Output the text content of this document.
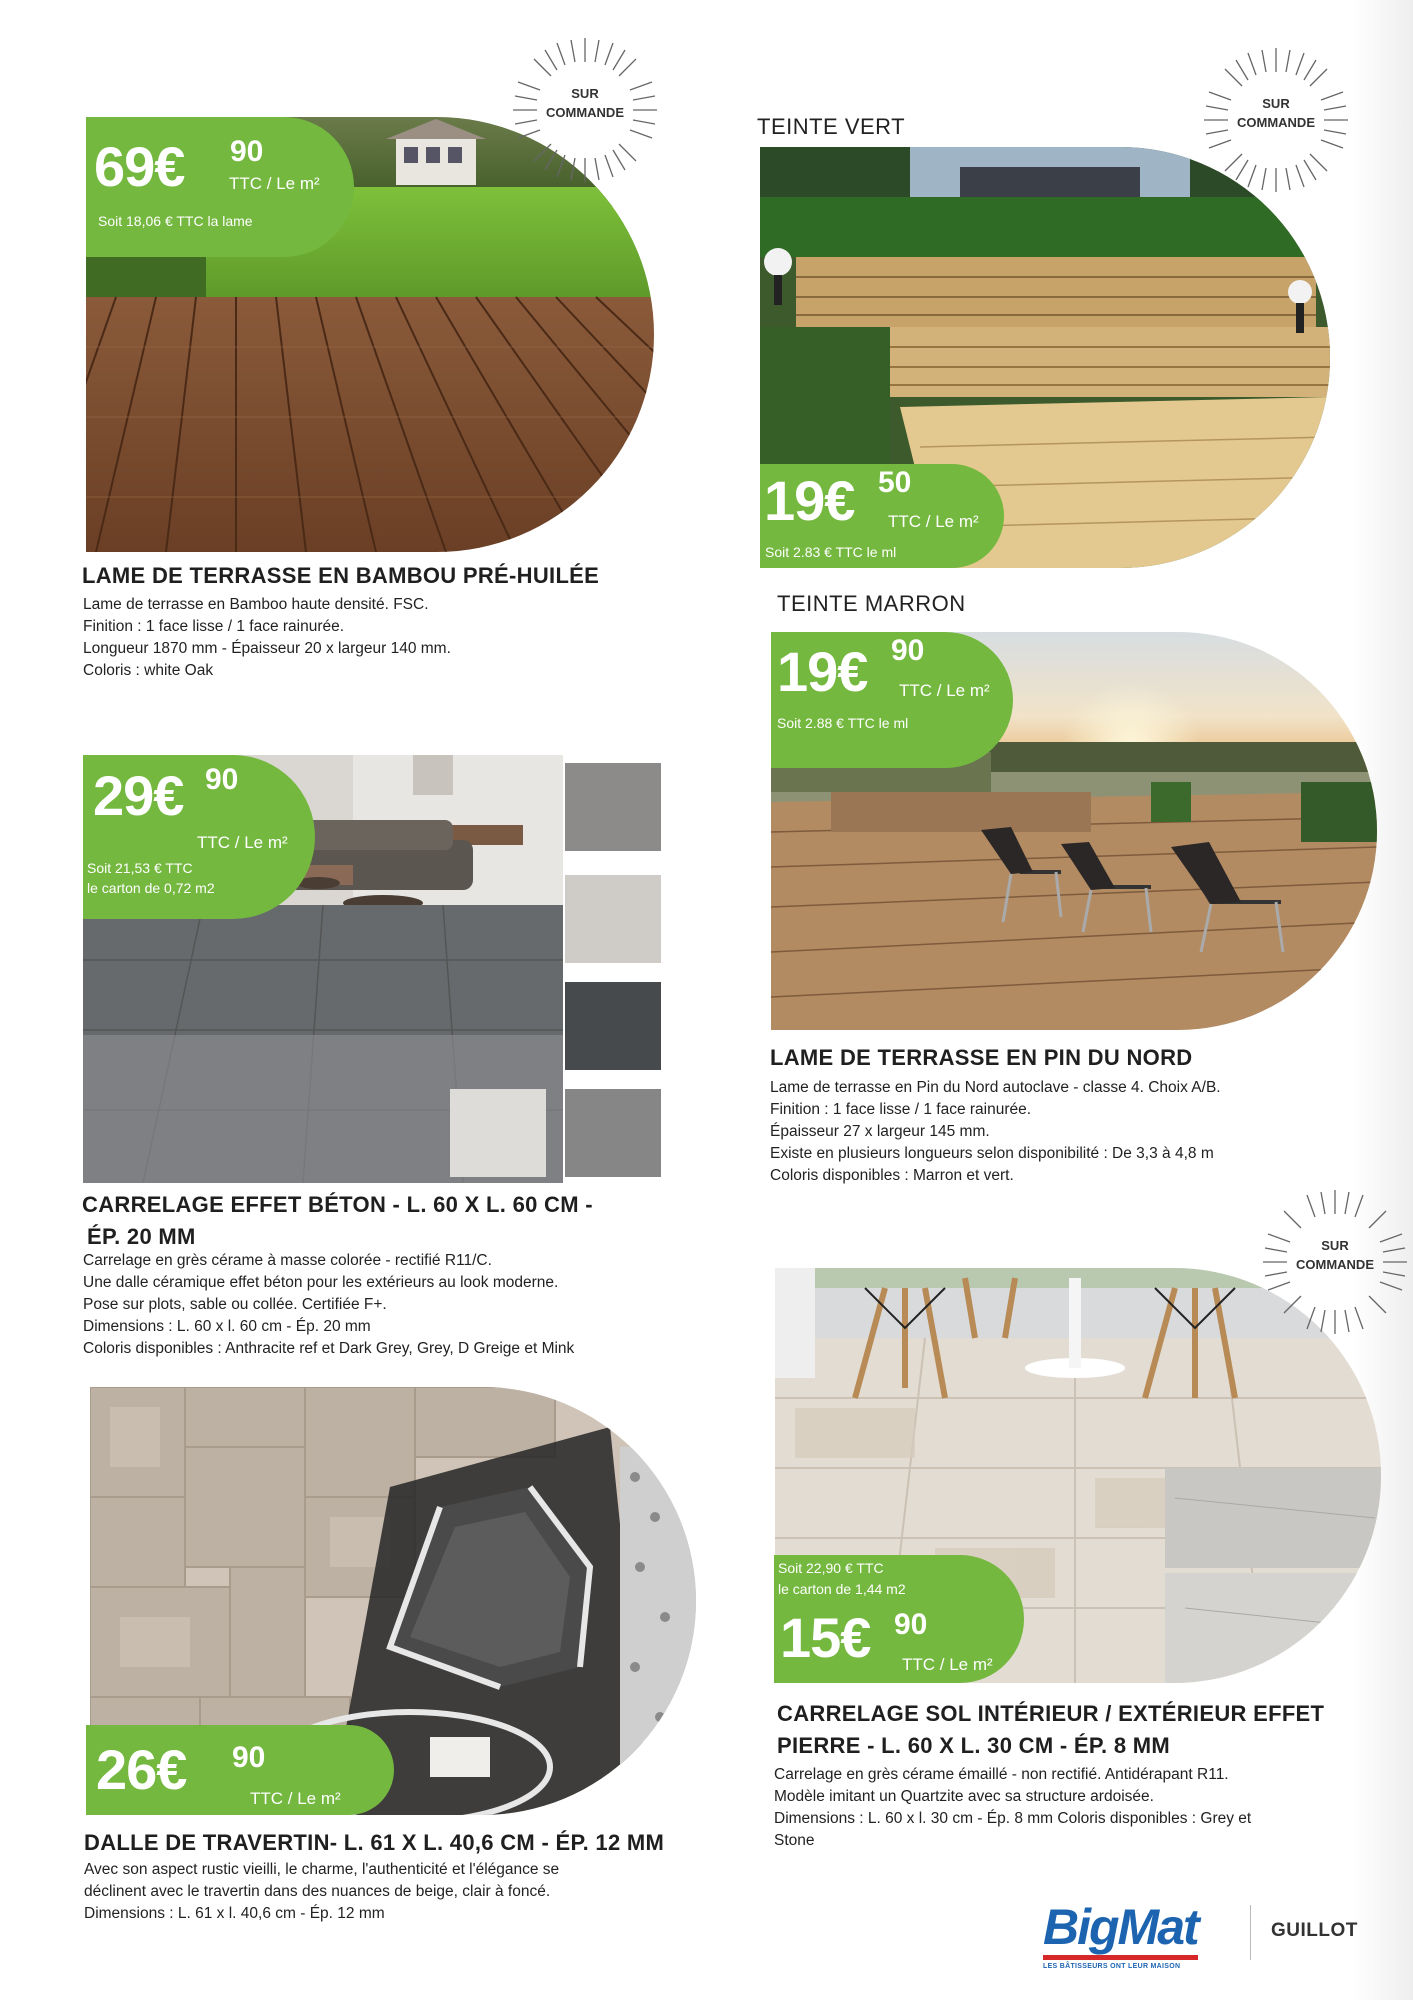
69€ 90
TTC / Le m²
Soit 18,06 € TTC la lame
SUR
COMMANDE
LAME DE TERRASSE EN BAMBOU PRÉ-HUILÉE
Lame de terrasse en Bamboo haute densité. FSC.
Finition : 1 face lisse / 1 face rainurée.
Longueur 1870 mm - Épaisseur 20 x largeur 140 mm.
Coloris : white Oak
TEINTE VERT
SUR
COMMANDE
19€ 50
TTC / Le m²
Soit 2.83 € TTC le ml
TEINTE MARRON
19€ 90
TTC / Le m²
Soit 2.88 € TTC le ml
LAME DE TERRASSE EN PIN DU NORD
Lame de terrasse en Pin du Nord autoclave - classe 4. Choix A/B.
Finition : 1 face lisse / 1 face rainurée.
Épaisseur 27 x largeur 145 mm.
Existe en plusieurs longueurs selon disponibilité : De 3,3 à 4,8 m
Coloris disponibles : Marron et vert.
29€ 90
TTC / Le m²
Soit 21,53 € TTC
le carton de 0,72 m2
CARRELAGE EFFET BÉTON - L. 60 X L. 60 CM -
ÉP. 20 MM
Carrelage en grès cérame à masse colorée - rectifié R11/C.
Une dalle céramique effet béton pour les extérieurs au look moderne.
Pose sur plots, sable ou collée. Certifiée F+.
Dimensions : L. 60 x l. 60 cm - Ép. 20 mm
Coloris disponibles : Anthracite ref et Dark Grey, Grey, D Greige et Mink
26€ 90
TTC / Le m²
DALLE DE TRAVERTIN- L. 61 X L. 40,6 CM - ÉP. 12 MM
Avec son aspect rustic vieilli, le charme, l'authenticité et l'élégance se
déclinent avec le travertin dans des nuances de beige, clair à foncé.
Dimensions : L. 61 x l. 40,6 cm - Ép. 12 mm
SUR
COMMANDE
Soit 22,90 € TTC
le carton de 1,44 m2
15€ 90
TTC / Le m²
CARRELAGE SOL INTÉRIEUR / EXTÉRIEUR EFFET
PIERRE - L. 60 X L. 30 CM - ÉP. 8 MM
Carrelage en grès cérame émaillé - non rectifié. Antidérapant R11.
Modèle imitant un Quartzite avec sa structure ardoisée.
Dimensions : L. 60 x l. 30 cm - Ép. 8 mm Coloris disponibles : Grey et
Stone
BigMat
LES BÂTISSEURS ONT LEUR MAISON
GUILLOT
